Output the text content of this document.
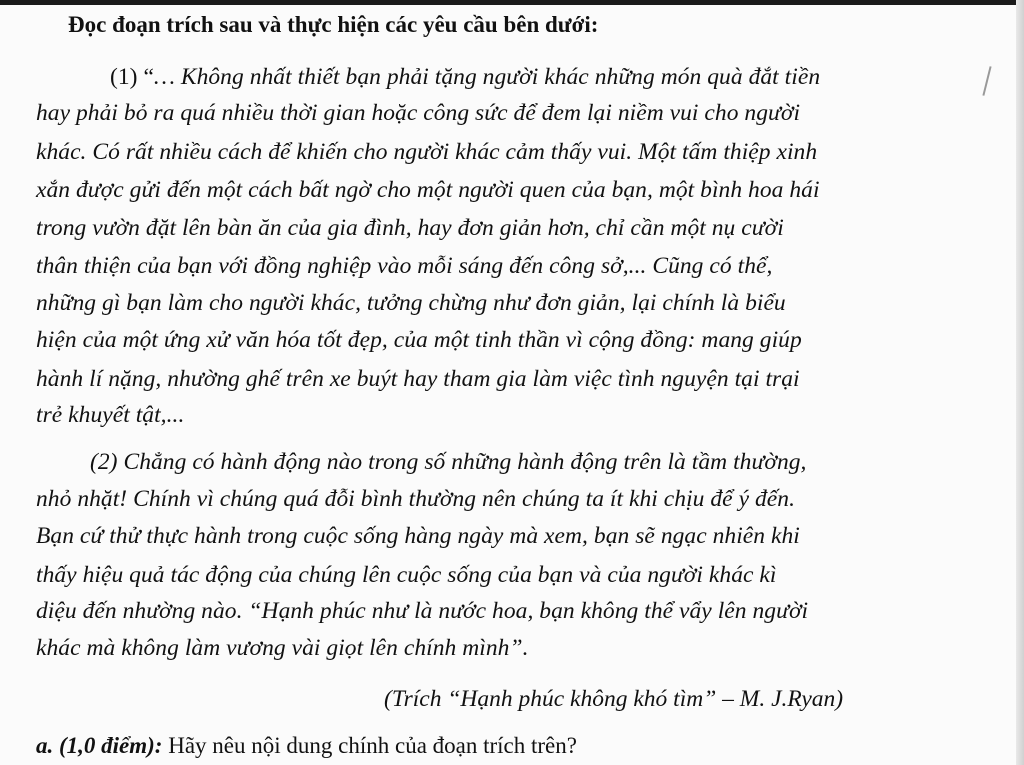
Đọc đoạn trích sau và thực hiện các yêu cầu bên dưới:
(1) “… Không nhất thiết bạn phải tặng người khác những món quà đắt tiền
hay phải bỏ ra quá nhiều thời gian hoặc công sức để đem lại niềm vui cho người
khác. Có rất nhiều cách để khiến cho người khác cảm thấy vui. Một tấm thiệp xinh
xắn được gửi đến một cách bất ngờ cho một người quen của bạn, một bình hoa hái
trong vườn đặt lên bàn ăn của gia đình, hay đơn giản hơn, chỉ cần một nụ cười
thân thiện của bạn với đồng nghiệp vào mỗi sáng đến công sở,... Cũng có thể,
những gì bạn làm cho người khác, tưởng chừng như đơn giản, lại chính là biểu
hiện của một ứng xử văn hóa tốt đẹp, của một tinh thần vì cộng đồng: mang giúp
hành lí nặng, nhường ghế trên xe buýt hay tham gia làm việc tình nguyện tại trại
trẻ khuyết tật,...
(2) Chẳng có hành động nào trong số những hành động trên là tầm thường,
nhỏ nhặt! Chính vì chúng quá đỗi bình thường nên chúng ta ít khi chịu để ý đến.
Bạn cứ thử thực hành trong cuộc sống hàng ngày mà xem, bạn sẽ ngạc nhiên khi
thấy hiệu quả tác động của chúng lên cuộc sống của bạn và của người khác kì
diệu đến nhường nào. “Hạnh phúc như là nước hoa, bạn không thể vẩy lên người
khác mà không làm vương vài giọt lên chính mình”.
(Trích “Hạnh phúc không khó tìm” – M. J.Ryan)
a. (1,0 điểm): Hãy nêu nội dung chính của đoạn trích trên?
